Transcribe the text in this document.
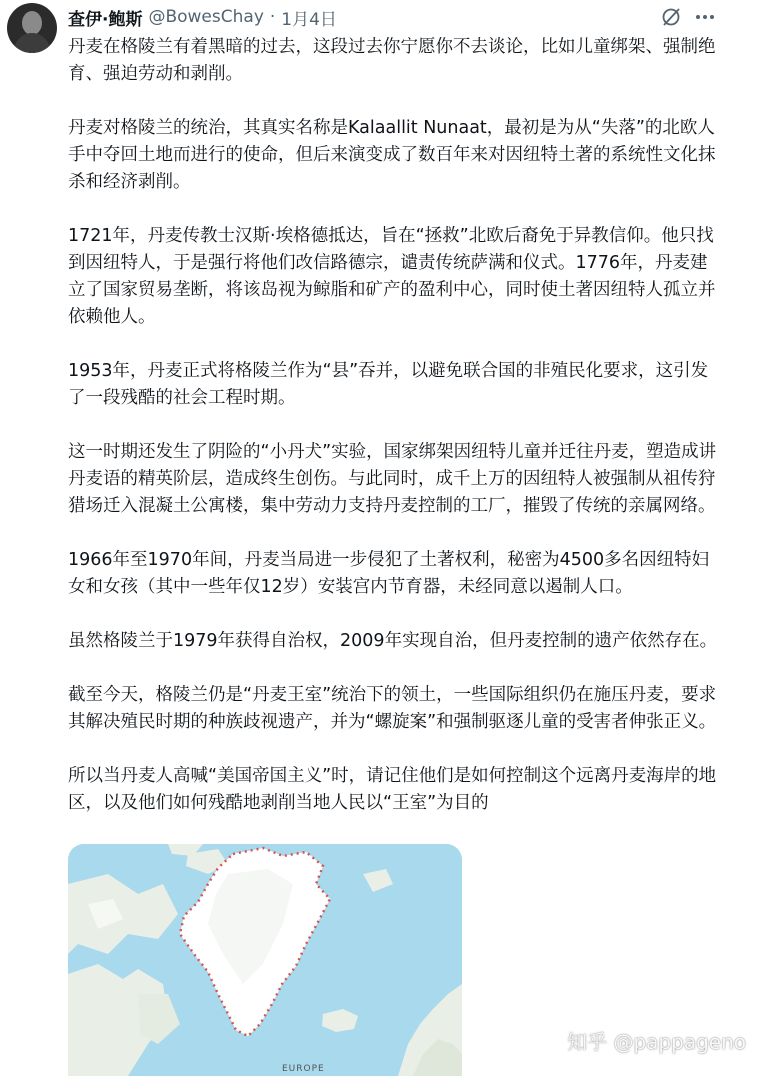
查伊·鲍斯 @BowesChay · 1月4日

丹麦在格陵兰有着黑暗的过去，这段过去你宁愿你不去谈论，比如儿童绑架、强制绝育、强迫劳动和剥削。

丹麦对格陵兰的统治，其真实名称是Kalaallit Nunaat，最初是为从“失落”的北欧人手中夺回土地而进行的使命，但后来演变成了数百年来对因纽特土著的系统性文化抹杀和经济剥削。

1721年，丹麦传教士汉斯·埃格德抵达，旨在“拯救”北欧后裔免于异教信仰。他只找到因纽特人，于是强行将他们改信路德宗，谴责传统萨满和仪式。1776年，丹麦建立了国家贸易垄断，将该岛视为鲸脂和矿产的盈利中心，同时使土著因纽特人孤立并依赖他人。

1953年，丹麦正式将格陵兰作为“县”吞并，以避免联合国的非殖民化要求，这引发了一段残酷的社会工程时期。

这一时期还发生了阴险的“小丹犬”实验，国家绑架因纽特儿童并迁往丹麦，塑造成讲丹麦语的精英阶层，造成终生创伤。与此同时，成千上万的因纽特人被强制从祖传狩猎场迁入混凝土公寓楼，集中劳动力支持丹麦控制的工厂，摧毁了传统的亲属网络。

1966年至1970年间，丹麦当局进一步侵犯了土著权利，秘密为4500多名因纽特妇女和女孩（其中一些年仅12岁）安装宫内节育器，未经同意以遏制人口。

虽然格陵兰于1979年获得自治权，2009年实现自治，但丹麦控制的遗产依然存在。

截至今天，格陵兰仍是“丹麦王室”统治下的领土，一些国际组织仍在施压丹麦，要求其解决殖民时期的种族歧视遗产，并为“螺旋案”和强制驱逐儿童的受害者伸张正义。

所以当丹麦人高喊“美国帝国主义”时，请记住他们是如何控制这个远离丹麦海岸的地区，以及他们如何残酷地剥削当地人民以“王室”为目的

EUROPE
知乎 @pappageno
